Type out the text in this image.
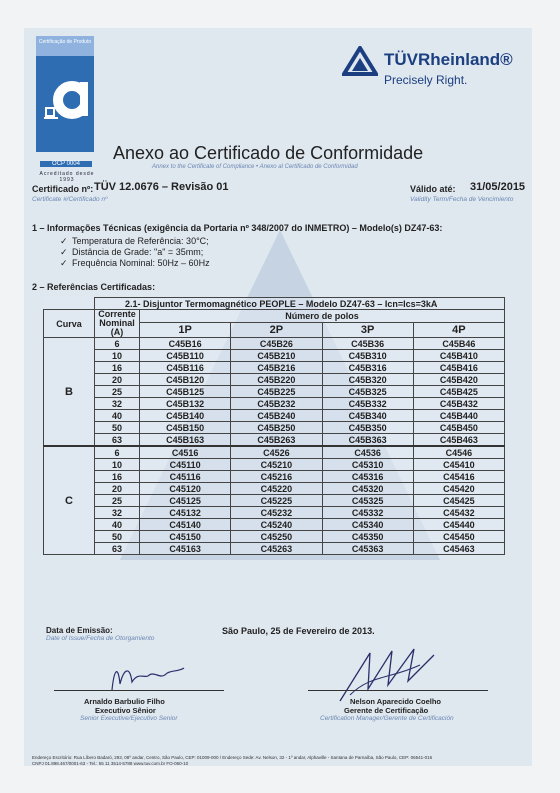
Certificação de Produto
OCP 0004
Acreditado desde 1993
TÜVRheinland®
Precisely Right.
Anexo ao Certificado de Conformidade
Annex to the Certificate of Compliance • Anexo al Certificado de Conformidad
Certificado nº: TÜV 12.0676 – Revisão 01
Certificate #/Certificado nº
Válido até: 31/05/2015
Validity Term/Fecha de Vencimiento
1 – Informações Técnicas (exigência da Portaria nº 348/2007 do INMETRO) – Modelo(s) DZ47-63:
✓ Temperatura de Referência: 30°C;
✓ Distância de Grade: "a" = 35mm;
✓ Frequência Nominal: 50Hz – 60Hz
2 – Referências Certificadas:
	2.1- Disjuntor Termomagnético PEOPLE – Modelo DZ47-63 – Icn=Ics=3kA				
Curva	Corrente Nominal (A)	Número de polos			
		1P	2P	3P	4P

B	6	C45B16	C45B26	C45B36	C45B46
	10	C45B110	C45B210	C45B310	C45B410
	16	C45B116	C45B216	C45B316	C45B416
	20	C45B120	C45B220	C45B320	C45B420
	25	C45B125	C45B225	C45B325	C45B425
	32	C45B132	C45B232	C45B332	C45B432
	40	C45B140	C45B240	C45B340	C45B440
	50	C45B150	C45B250	C45B350	C45B450
	63	C45B163	C45B263	C45B363	C45B463
C	6	C4516	C4526	C4536	C4546
	10	C45110	C45210	C45310	C45410
	16	C45116	C45216	C45316	C45416
	20	C45120	C45220	C45320	C45420
	25	C45125	C45225	C45325	C45425
	32	C45132	C45232	C45332	C45432
	40	C45140	C45240	C45340	C45440
	50	C45150	C45250	C45350	C45450
	63	C45163	C45263	C45363	C45463
Data de Emissão:
Date of Issue/Fecha de Otorgamiento
São Paulo, 25 de Fevereiro de 2013.
Arnaldo Barbulio Filho
Executivo Sênior
Senior Executive/Ejecutivo Senior
Nelson Aparecido Coelho
Gerente de Certificação
Certification Manager/Gerente de Certificación
Endereço Escritório: Rua Líbero Badaró, 293, 08º andar, Centro, São Paulo, CEP: 01009-000 / Endereço Sede: Av. Nelson, 32 - 1º andar, Alphaville - Santana de Parnaíba, São Paulo, CEP: 06541-015
CNPJ 01.898.467/0001-63 - Tel.: 55 11 3514-5788 www.tuv.com.br FO-060-10
